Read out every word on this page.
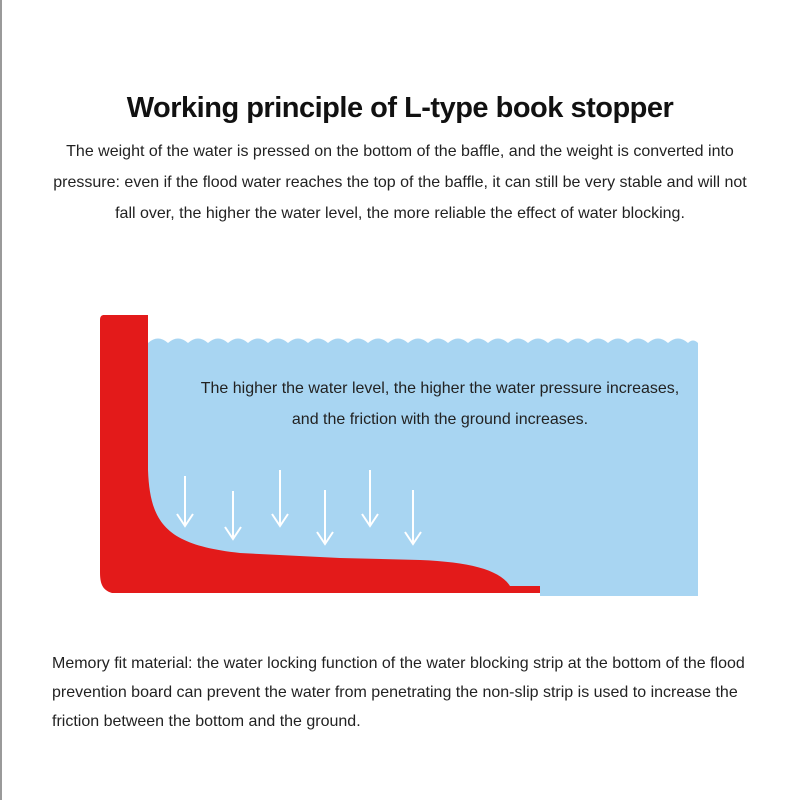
Working principle of L-type book stopper
The weight of the water is pressed on the bottom of the baffle, and the weight is converted into pressure: even if the flood water reaches the top of the baffle, it can still be very stable and will not fall over, the higher the water level, the more reliable the effect of water blocking.
The higher the water level, the higher the water pressure increases,
and the friction with the ground increases.
Memory fit material: the water locking function of the water blocking strip at the bottom of the flood prevention board can prevent the water from penetrating the non-slip strip is used to increase the friction between the bottom and the ground.
